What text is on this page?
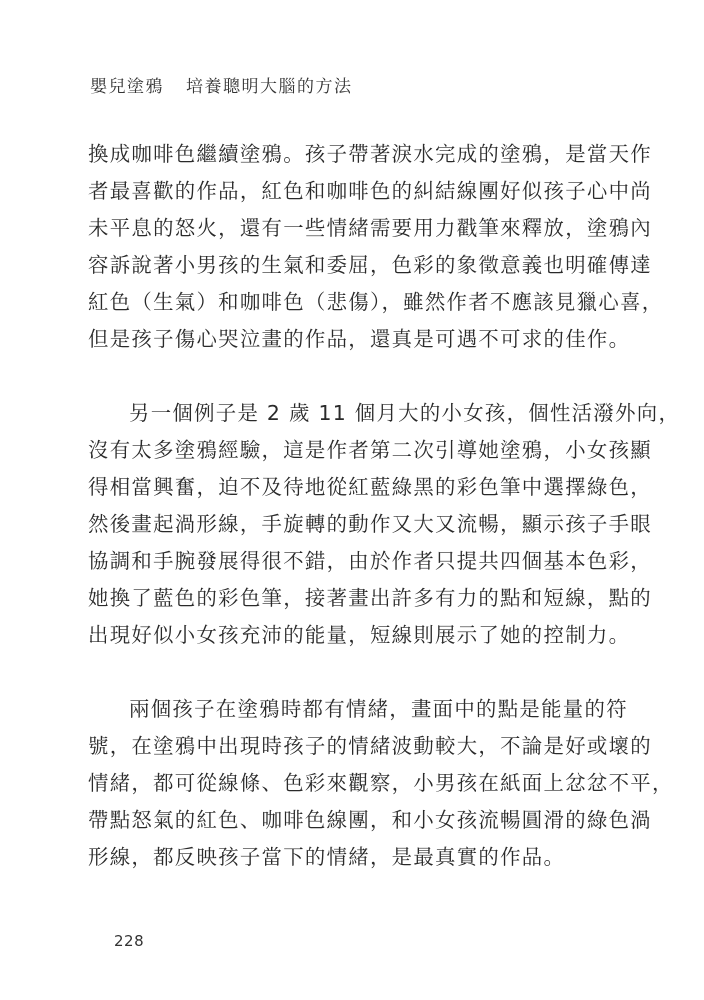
嬰兒塗鴉 培養聰明大腦的方法
換成咖啡色繼續塗鴉。孩子帶著淚水完成的塗鴉，是當天作
者最喜歡的作品，紅色和咖啡色的糾結線團好似孩子心中尚
未平息的怒火，還有一些情緒需要用力戳筆來釋放，塗鴉內
容訴說著小男孩的生氣和委屈，色彩的象徵意義也明確傳達
紅色（生氣）和咖啡色（悲傷），雖然作者不應該見獵心喜，
但是孩子傷心哭泣畫的作品，還真是可遇不可求的佳作。
另一個例子是 2 歲 11 個月大的小女孩，個性活潑外向，
沒有太多塗鴉經驗，這是作者第二次引導她塗鴉，小女孩顯
得相當興奮，迫不及待地從紅藍綠黑的彩色筆中選擇綠色，
然後畫起渦形線，手旋轉的動作又大又流暢，顯示孩子手眼
協調和手腕發展得很不錯，由於作者只提共四個基本色彩，
她換了藍色的彩色筆，接著畫出許多有力的點和短線，點的
出現好似小女孩充沛的能量，短線則展示了她的控制力。
兩個孩子在塗鴉時都有情緒，畫面中的點是能量的符
號，在塗鴉中出現時孩子的情緒波動較大，不論是好或壞的
情緒，都可從線條、色彩來觀察，小男孩在紙面上忿忿不平，
帶點怒氣的紅色、咖啡色線團，和小女孩流暢圓滑的綠色渦
形線，都反映孩子當下的情緒，是最真實的作品。
228
